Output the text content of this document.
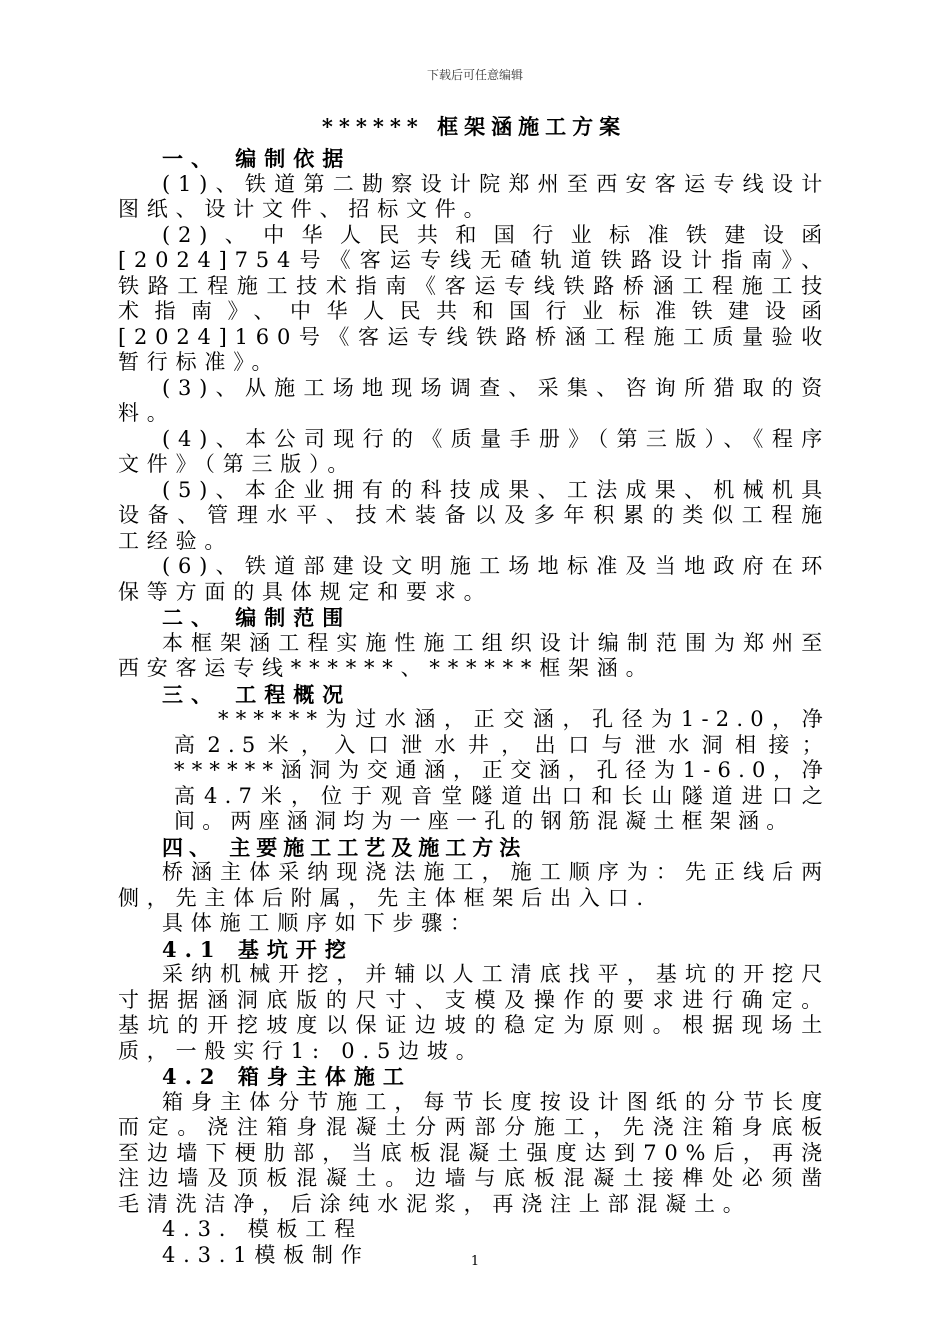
下载后可任意编辑
****** 框架涵施工方案

一、 编制依据

(1)、铁道第二勘察设计院郑州至西安客运专线设计图纸、设计文件、招标文件。

(2)、中华人民共和国行业标准铁建设函[2024]754号《客运专线无碴轨道铁路设计指南》、铁路工程施工技术指南《客运专线铁路桥涵工程施工技术指南》、中华人民共和国行业标准铁建设函[2024]160号《客运专线铁路桥涵工程施工质量验收暂行标准》。

(3)、从施工场地现场调查、采集、咨询所猎取的资料。

(4)、本公司现行的《质量手册》（第三版）、《程序文件》（第三版）。

(5)、本企业拥有的科技成果、工法成果、机械机具设备、管理水平、技术装备以及多年积累的类似工程施工经验。

(6)、铁道部建设文明施工场地标准及当地政府在环保等方面的具体规定和要求。

二、 编制范围

本框架涵工程实施性施工组织设计编制范围为郑州至西安客运专线******、******框架涵。

三、 工程概况

******为过水涵，正交涵，孔径为1-2.0，净高2.5米，入口泄水井，出口与泄水洞相接；******涵洞为交通涵，正交涵，孔径为1-6.0，净高4.7米，位于观音堂隧道出口和长山隧道进口之间。两座涵洞均为一座一孔的钢筋混凝土框架涵。

四、 主要施工工艺及施工方法

桥涵主体采纳现浇法施工，施工顺序为：先正线后两侧，先主体后附属，先主体框架后出入口.

具体施工顺序如下步骤：

4.1 基坑开挖

采纳机械开挖，并辅以人工清底找平，基坑的开挖尺寸据据涵洞底版的尺寸、支模及操作的要求进行确定。基坑的开挖坡度以保证边坡的稳定为原则。根据现场土质，一般实行1: 0.5边坡。

4.2 箱身主体施工

箱身主体分节施工，每节长度按设计图纸的分节长度而定。浇注箱身混凝土分两部分施工，先浇注箱身底板至边墙下梗肋部，当底板混凝土强度达到70%后，再浇注边墙及顶板混凝土。边墙与底板混凝土接榫处必须凿毛清洗洁净，后涂纯水泥浆，再浇注上部混凝土。

4.3. 模板工程

4.3.1模板制作	1
